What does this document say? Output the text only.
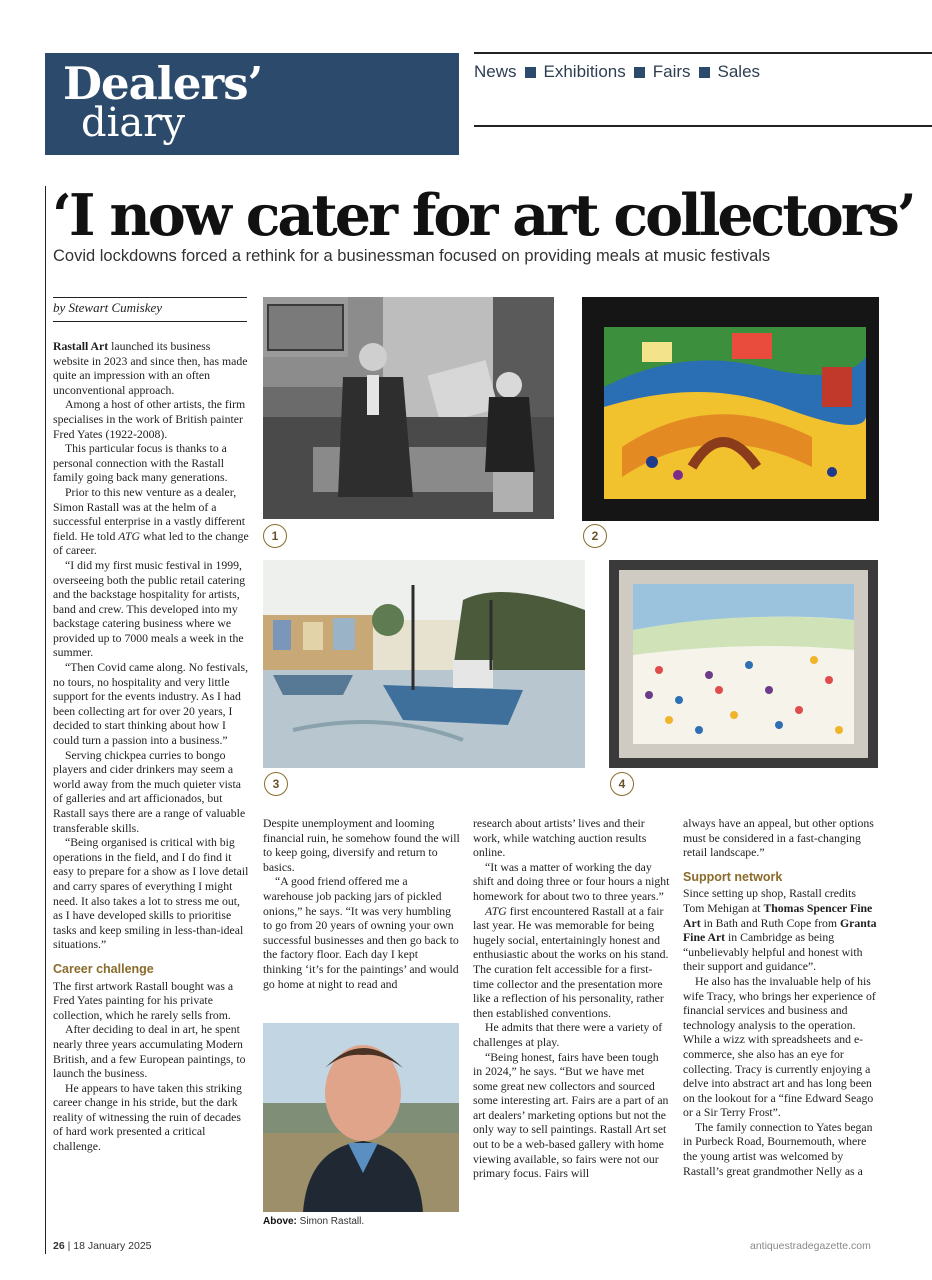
Dealers’
diary
News Exhibitions Fairs Sales
‘I now cater for art collectors’
Covid lockdowns forced a rethink for a businessman focused on providing meals at music festivals
by Stewart Cumiskey

Rastall Art launched its business website in 2023 and since then, has made quite an impression with an often unconventional approach.

Among a host of other artists, the firm specialises in the work of British painter Fred Yates (1922-2008).

This particular focus is thanks to a personal connection with the Rastall family going back many generations.

Prior to this new venture as a dealer, Simon Rastall was at the helm of a successful enterprise in a vastly different field. He told ATG what led to the change of career.

“I did my first music festival in 1999, overseeing both the public retail catering and the backstage hospitality for artists, band and crew. This developed into my backstage catering business where we provided up to 7000 meals a week in the summer.

“Then Covid came along. No festivals, no tours, no hospitality and very little support for the events industry. As I had been collecting art for over 20 years, I decided to start thinking about how I could turn a passion into a business.”

Serving chickpea curries to bongo players and cider drinkers may seem a world away from the much quieter vista of galleries and art afficionados, but Rastall says there are a range of valuable transferable skills.

“Being organised is critical with big operations in the field, and I do find it easy to prepare for a show as I love detail and carry spares of everything I might need. It also takes a lot to stress me out, as I have developed skills to prioritise tasks and keep smiling in less-than-ideal situations.”

Career challenge

The first artwork Rastall bought was a Fred Yates painting for his private collection, which he rarely sells from.

After deciding to deal in art, he spent nearly three years accumulating Modern British, and a few European paintings, to launch the business.

He appears to have taken this striking career change in his stride, but the dark reality of witnessing the ruin of decades of hard work presented a critical challenge.

Despite unemployment and looming financial ruin, he somehow found the will to keep going, diversify and return to basics.

“A good friend offered me a warehouse job packing jars of pickled onions,” he says. “It was very humbling to go from 20 years of owning your own successful businesses and then go back to the factory floor. Each day I kept thinking ‘it’s for the paintings’ and would go home at night to read and

research about artists’ lives and their work, while watching auction results online.

“It was a matter of working the day shift and doing three or four hours a night homework for about two to three years.”

ATG first encountered Rastall at a fair last year. He was memorable for being hugely social, entertainingly honest and enthusiastic about the works on his stand. The curation felt accessible for a first-time collector and the presentation more like a reflection of his personality, rather then established conventions.

He admits that there were a variety of challenges at play.

“Being honest, fairs have been tough in 2024,” he says. “But we have met some great new collectors and sourced some interesting art. Fairs are a part of an art dealers’ marketing options but not the only way to sell paintings. Rastall Art set out to be a web-based gallery with home viewing available, so fairs were not our primary focus. Fairs will

always have an appeal, but other options must be considered in a fast-changing retail landscape.”

Support network

Since setting up shop, Rastall credits Tom Mehigan at Thomas Spencer Fine Art in Bath and Ruth Cope from Granta Fine Art in Cambridge as being “unbelievably helpful and honest with their support and guidance”.

He also has the invaluable help of his wife Tracy, who brings her experience of financial services and business and technology analysis to the operation. While a wizz with spreadsheets and e-commerce, she also has an eye for collecting. Tracy is currently enjoying a delve into abstract art and has long been on the lookout for a “fine Edward Seago or a Sir Terry Frost”.

The family connection to Yates began in Purbeck Road, Bournemouth, where the young artist was welcomed by Rastall’s great grandmother Nelly as a

1	2
3	4
Above: Simon Rastall.
26 | 18 January 2025	antiquestradegazette.com
